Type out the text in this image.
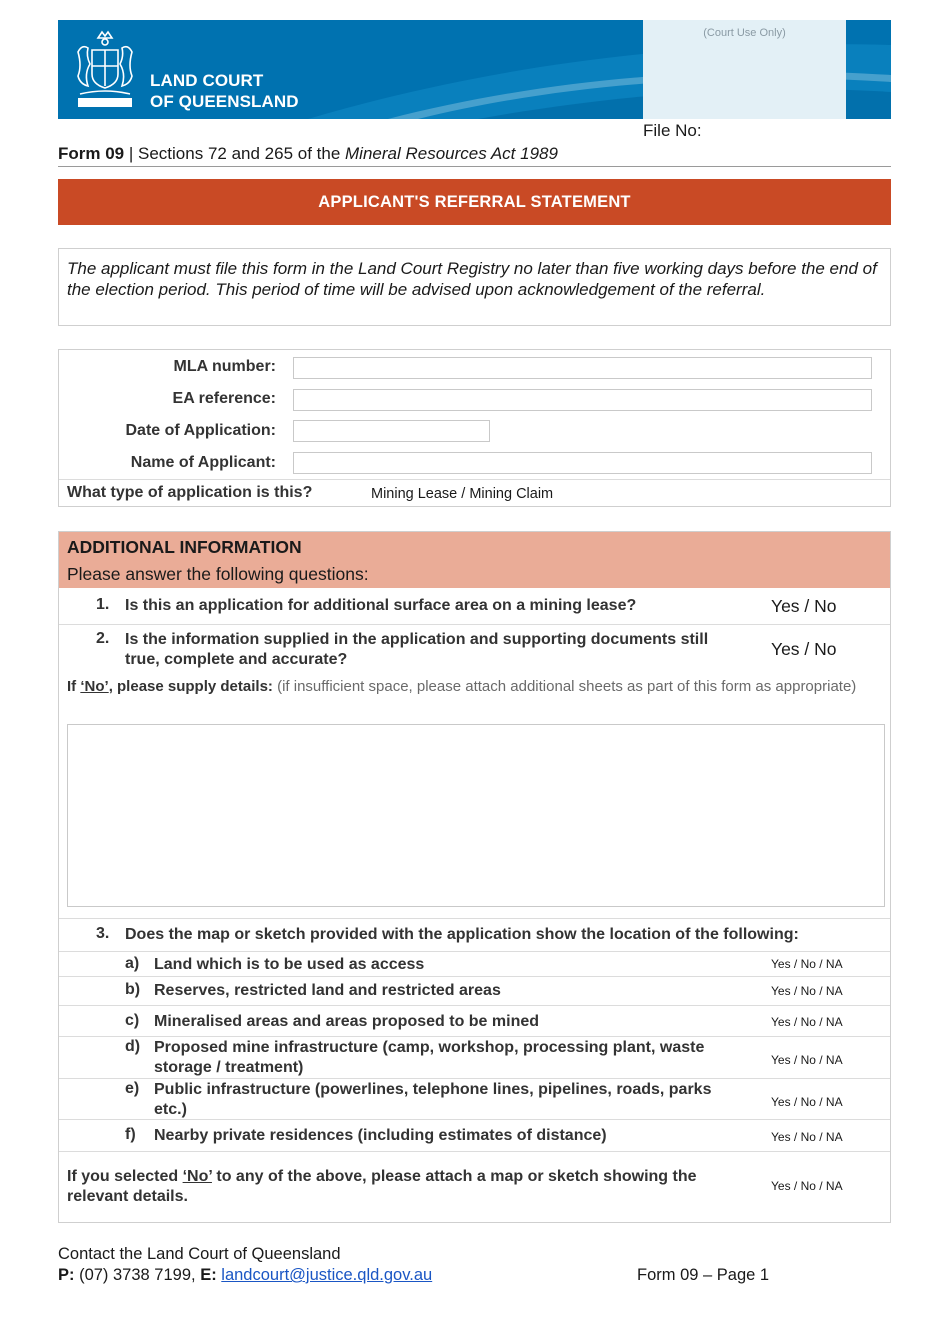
LAND COURT
OF QUEENSLAND
(Court Use Only)
File No:
Form 09 | Sections 72 and 265 of the Mineral Resources Act 1989
APPLICANT'S REFERRAL STATEMENT
The applicant must file this form in the Land Court Registry no later than five working days before the end of the election period. This period of time will be advised upon acknowledgement of the referral.
MLA number:
EA reference:
Date of Application:
Name of Applicant:
What type of application is this?	Mining Lease / Mining Claim
ADDITIONAL INFORMATION
Please answer the following questions:
1. Is this an application for additional surface area on a mining lease?	Yes / No
2. Is the information supplied in the application and supporting documents still true, complete and accurate?
Yes / No
If ‘No’, please supply details: (if insufficient space, please attach additional sheets as part of this form as appropriate)
3. Does the map or sketch provided with the application show the location of the following:
a) Land which is to be used as access	Yes / No / NA
b) Reserves, restricted land and restricted areas	Yes / No / NA
c) Mineralised areas and areas proposed to be mined	Yes / No / NA
d) Proposed mine infrastructure (camp, workshop, processing plant, waste storage / treatment)	Yes / No / NA
e) Public infrastructure (powerlines, telephone lines, pipelines, roads, parks etc.)	Yes / No / NA
f) Nearby private residences (including estimates of distance)	Yes / No / NA
If you selected ‘No’ to any of the above, please attach a map or sketch showing the relevant details.
Yes / No / NA
Contact the Land Court of Queensland
P: (07) 3738 7199, E: landcourt@justice.qld.gov.au	Form 09 – Page 1
